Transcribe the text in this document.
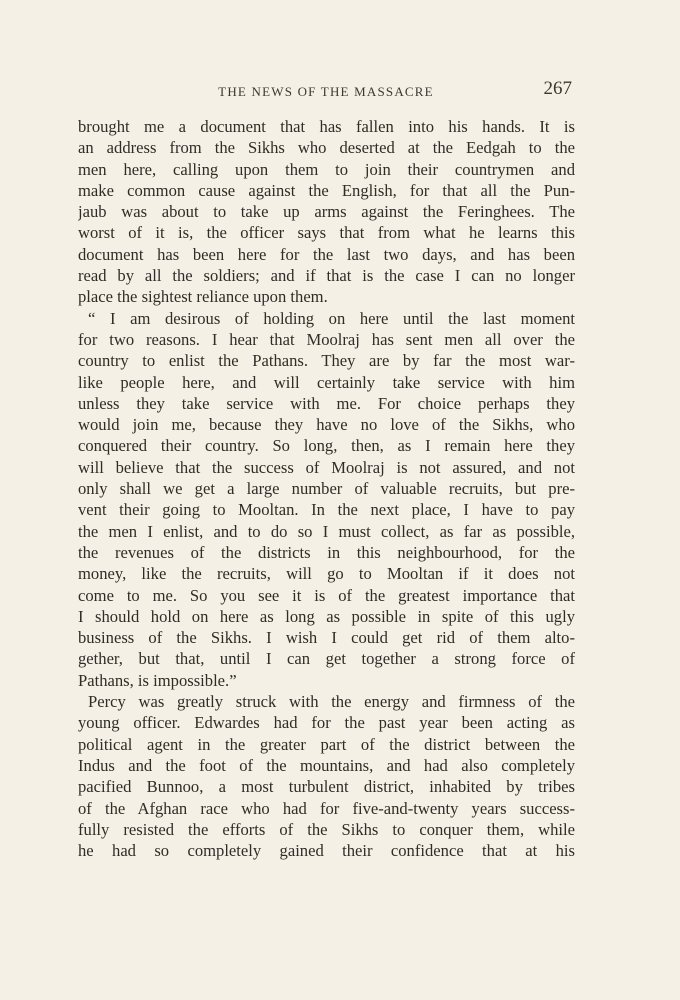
THE NEWS OF THE MASSACRE	267
brought me a document that has fallen into his hands. It is
an address from the Sikhs who deserted at the Eedgah to the
men here, calling upon them to join their countrymen and
make common cause against the English, for that all the Pun-
jaub was about to take up arms against the Feringhees. The
worst of it is, the officer says that from what he learns this
document has been here for the last two days, and has been
read by all the soldiers; and if that is the case I can no longer
place the sightest reliance upon them.
“ I am desirous of holding on here until the last moment
for two reasons. I hear that Moolraj has sent men all over the
country to enlist the Pathans. They are by far the most war-
like people here, and will certainly take service with him
unless they take service with me. For choice perhaps they
would join me, because they have no love of the Sikhs, who
conquered their country. So long, then, as I remain here they
will believe that the success of Moolraj is not assured, and not
only shall we get a large number of valuable recruits, but pre-
vent their going to Mooltan. In the next place, I have to pay
the men I enlist, and to do so I must collect, as far as possible,
the revenues of the districts in this neighbourhood, for the
money, like the recruits, will go to Mooltan if it does not
come to me. So you see it is of the greatest importance that
I should hold on here as long as possible in spite of this ugly
business of the Sikhs. I wish I could get rid of them alto-
gether, but that, until I can get together a strong force of
Pathans, is impossible.”
Percy was greatly struck with the energy and firmness of the
young officer. Edwardes had for the past year been acting as
political agent in the greater part of the district between the
Indus and the foot of the mountains, and had also completely
pacified Bunnoo, a most turbulent district, inhabited by tribes
of the Afghan race who had for five-and-twenty years success-
fully resisted the efforts of the Sikhs to conquer them, while
he had so completely gained their confidence that at his
